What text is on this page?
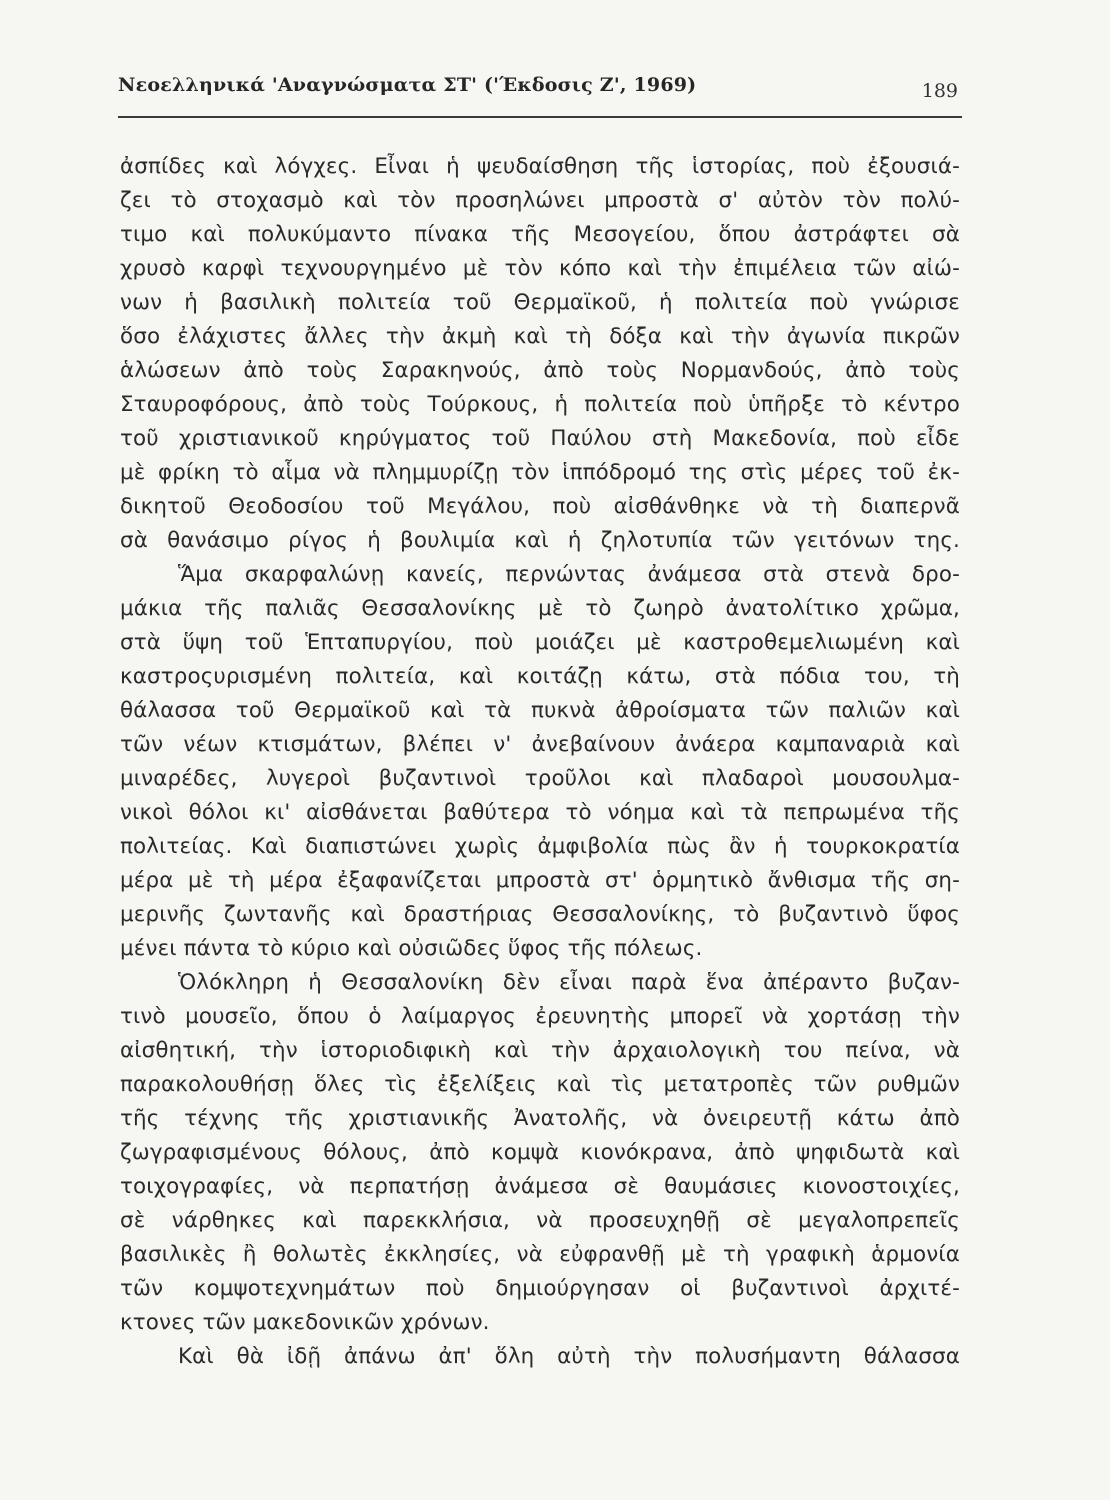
Νεοελληνικά 'Αναγνώσματα ΣΤ' ('Έκδοσις Ζ', 1969)	189
ἀσπίδες καὶ λόγχες. Εἶναι ἡ ψευδαίσθηση τῆς ἱστορίας, ποὺ ἐξουσιά-
ζει τὸ στοχασμὸ καὶ τὸν προσηλώνει μπροστὰ σ' αὐτὸν τὸν πολύ-
τιμο καὶ πολυκύμαντο πίνακα τῆς Μεσογείου, ὅπου ἀστράφτει σὰ
χρυσὸ καρφὶ τεχνουργημένο μὲ τὸν κόπο καὶ τὴν ἐπιμέλεια τῶν αἰώ-
νων ἡ βασιλικὴ πολιτεία τοῦ Θερμαϊκοῦ, ἡ πολιτεία ποὺ γνώρισε
ὅσο ἐλάχιστες ἄλλες τὴν ἀκμὴ καὶ τὴ δόξα καὶ τὴν ἀγωνία πικρῶν
ἁλώσεων ἀπὸ τοὺς Σαρακηνούς, ἀπὸ τοὺς Νορμανδούς, ἀπὸ τοὺς
Σταυροφόρους, ἀπὸ τοὺς Τούρκους, ἡ πολιτεία ποὺ ὑπῆρξε τὸ κέντρο
τοῦ χριστιανικοῦ κηρύγματος τοῦ Παύλου στὴ Μακεδονία, ποὺ εἶδε
μὲ φρίκη τὸ αἷμα νὰ πλημμυρίζῃ τὸν ἱππόδρομό της στὶς μέρες τοῦ ἐκ-
δικητοῦ Θεοδοσίου τοῦ Μεγάλου, ποὺ αἰσθάνθηκε νὰ τὴ διαπερνᾶ
σὰ θανάσιμο ρίγος ἡ βουλιμία καὶ ἡ ζηλοτυπία τῶν γειτόνων της.
Ἅμα σκαρφαλώνῃ κανείς, περνώντας ἀνάμεσα στὰ στενὰ δρο-
μάκια τῆς παλιᾶς Θεσσαλονίκης μὲ τὸ ζωηρὸ ἀνατολίτικο χρῶμα,
στὰ ὕψη τοῦ Ἑπταπυργίου, ποὺ μοιάζει μὲ καστροθεμελιωμένη καὶ
καστροςυρισμένη πολιτεία, καὶ κοιτάζῃ κάτω, στὰ πόδια του, τὴ
θάλασσα τοῦ Θερμαϊκοῦ καὶ τὰ πυκνὰ ἀθροίσματα τῶν παλιῶν καὶ
τῶν νέων κτισμάτων, βλέπει ν' ἀνεβαίνουν ἀνάερα καμπαναριὰ καὶ
μιναρέδες, λυγεροὶ βυζαντινοὶ τροῦλοι καὶ πλαδαροὶ μουσουλμα-
νικοὶ θόλοι κι' αἰσθάνεται βαθύτερα τὸ νόημα καὶ τὰ πεπρωμένα τῆς
πολιτείας. Καὶ διαπιστώνει χωρὶς ἀμφιβολία πὼς ἂν ἡ τουρκοκρατία
μέρα μὲ τὴ μέρα ἐξαφανίζεται μπροστὰ στ' ὁρμητικὸ ἄνθισμα τῆς ση-
μερινῆς ζωντανῆς καὶ δραστήριας Θεσσαλονίκης, τὸ βυζαντινὸ ὕφος
μένει πάντα τὸ κύριο καὶ οὐσιῶδες ὕφος τῆς πόλεως.
Ὁλόκληρη ἡ Θεσσαλονίκη δὲν εἶναι παρὰ ἕνα ἀπέραντο βυζαν-
τινὸ μουσεῖο, ὅπου ὁ λαίμαργος ἐρευνητὴς μπορεῖ νὰ χορτάσῃ τὴν
αἰσθητική, τὴν ἱστοριοδιφικὴ καὶ τὴν ἀρχαιολογικὴ του πείνα, νὰ
παρακολουθήσῃ ὅλες τὶς ἐξελίξεις καὶ τὶς μετατροπὲς τῶν ρυθμῶν
τῆς τέχνης τῆς χριστιανικῆς Ἀνατολῆς, νὰ ὀνειρευτῇ κάτω ἀπὸ
ζωγραφισμένους θόλους, ἀπὸ κομψὰ κιονόκρανα, ἀπὸ ψηφιδωτὰ καὶ
τοιχογραφίες, νὰ περπατήσῃ ἀνάμεσα σὲ θαυμάσιες κιονοστοιχίες,
σὲ νάρθηκες καὶ παρεκκλήσια, νὰ προσευχηθῇ σὲ μεγαλοπρεπεῖς
βασιλικὲς ἢ θολωτὲς ἐκκλησίες, νὰ εὐφρανθῇ μὲ τὴ γραφικὴ ἁρμονία
τῶν κομψοτεχνημάτων ποὺ δημιούργησαν οἱ βυζαντινοὶ ἀρχιτέ-
κτονες τῶν μακεδονικῶν χρόνων.
Καὶ θὰ ἰδῇ ἀπάνω ἀπ' ὅλη αὐτὴ τὴν πολυσήμαντη θάλασσα
